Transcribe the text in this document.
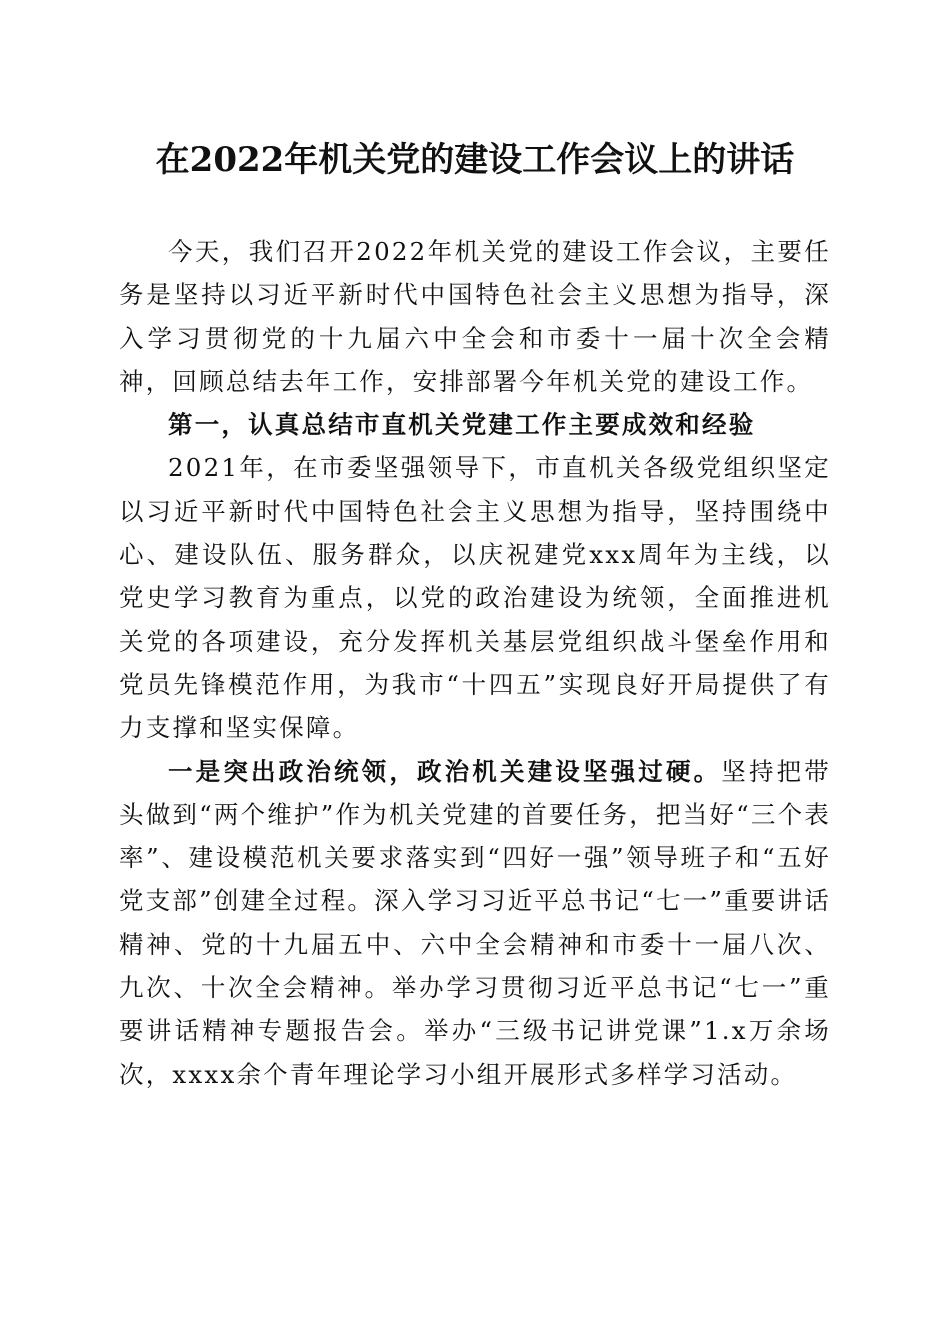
在2022年机关党的建设工作会议上的讲话

今天，我们召开2022年机关党的建设工作会议，主要任务是坚持以习近平新时代中国特色社会主义思想为指导，深入学习贯彻党的十九届六中全会和市委十一届十次全会精神，回顾总结去年工作，安排部署今年机关党的建设工作。

第一，认真总结市直机关党建工作主要成效和经验

2021年，在市委坚强领导下，市直机关各级党组织坚定以习近平新时代中国特色社会主义思想为指导，坚持围绕中心、建设队伍、服务群众，以庆祝建党xxx周年为主线，以党史学习教育为重点，以党的政治建设为统领，全面推进机关党的各项建设，充分发挥机关基层党组织战斗堡垒作用和党员先锋模范作用，为我市“十四五”实现良好开局提供了有力支撑和坚实保障。

一是突出政治统领，政治机关建设坚强过硬。坚持把带头做到“两个维护”作为机关党建的首要任务，把当好“三个表率”、建设模范机关要求落实到“四好一强”领导班子和“五好党支部”创建全过程。深入学习习近平总书记“七一”重要讲话精神、党的十九届五中、六中全会精神和市委十一届八次、九次、十次全会精神。举办学习贯彻习近平总书记“七一”重要讲话精神专题报告会。举办“三级书记讲党课”1.x万余场次，xxxx余个青年理论学习小组开展形式多样学习活动。
